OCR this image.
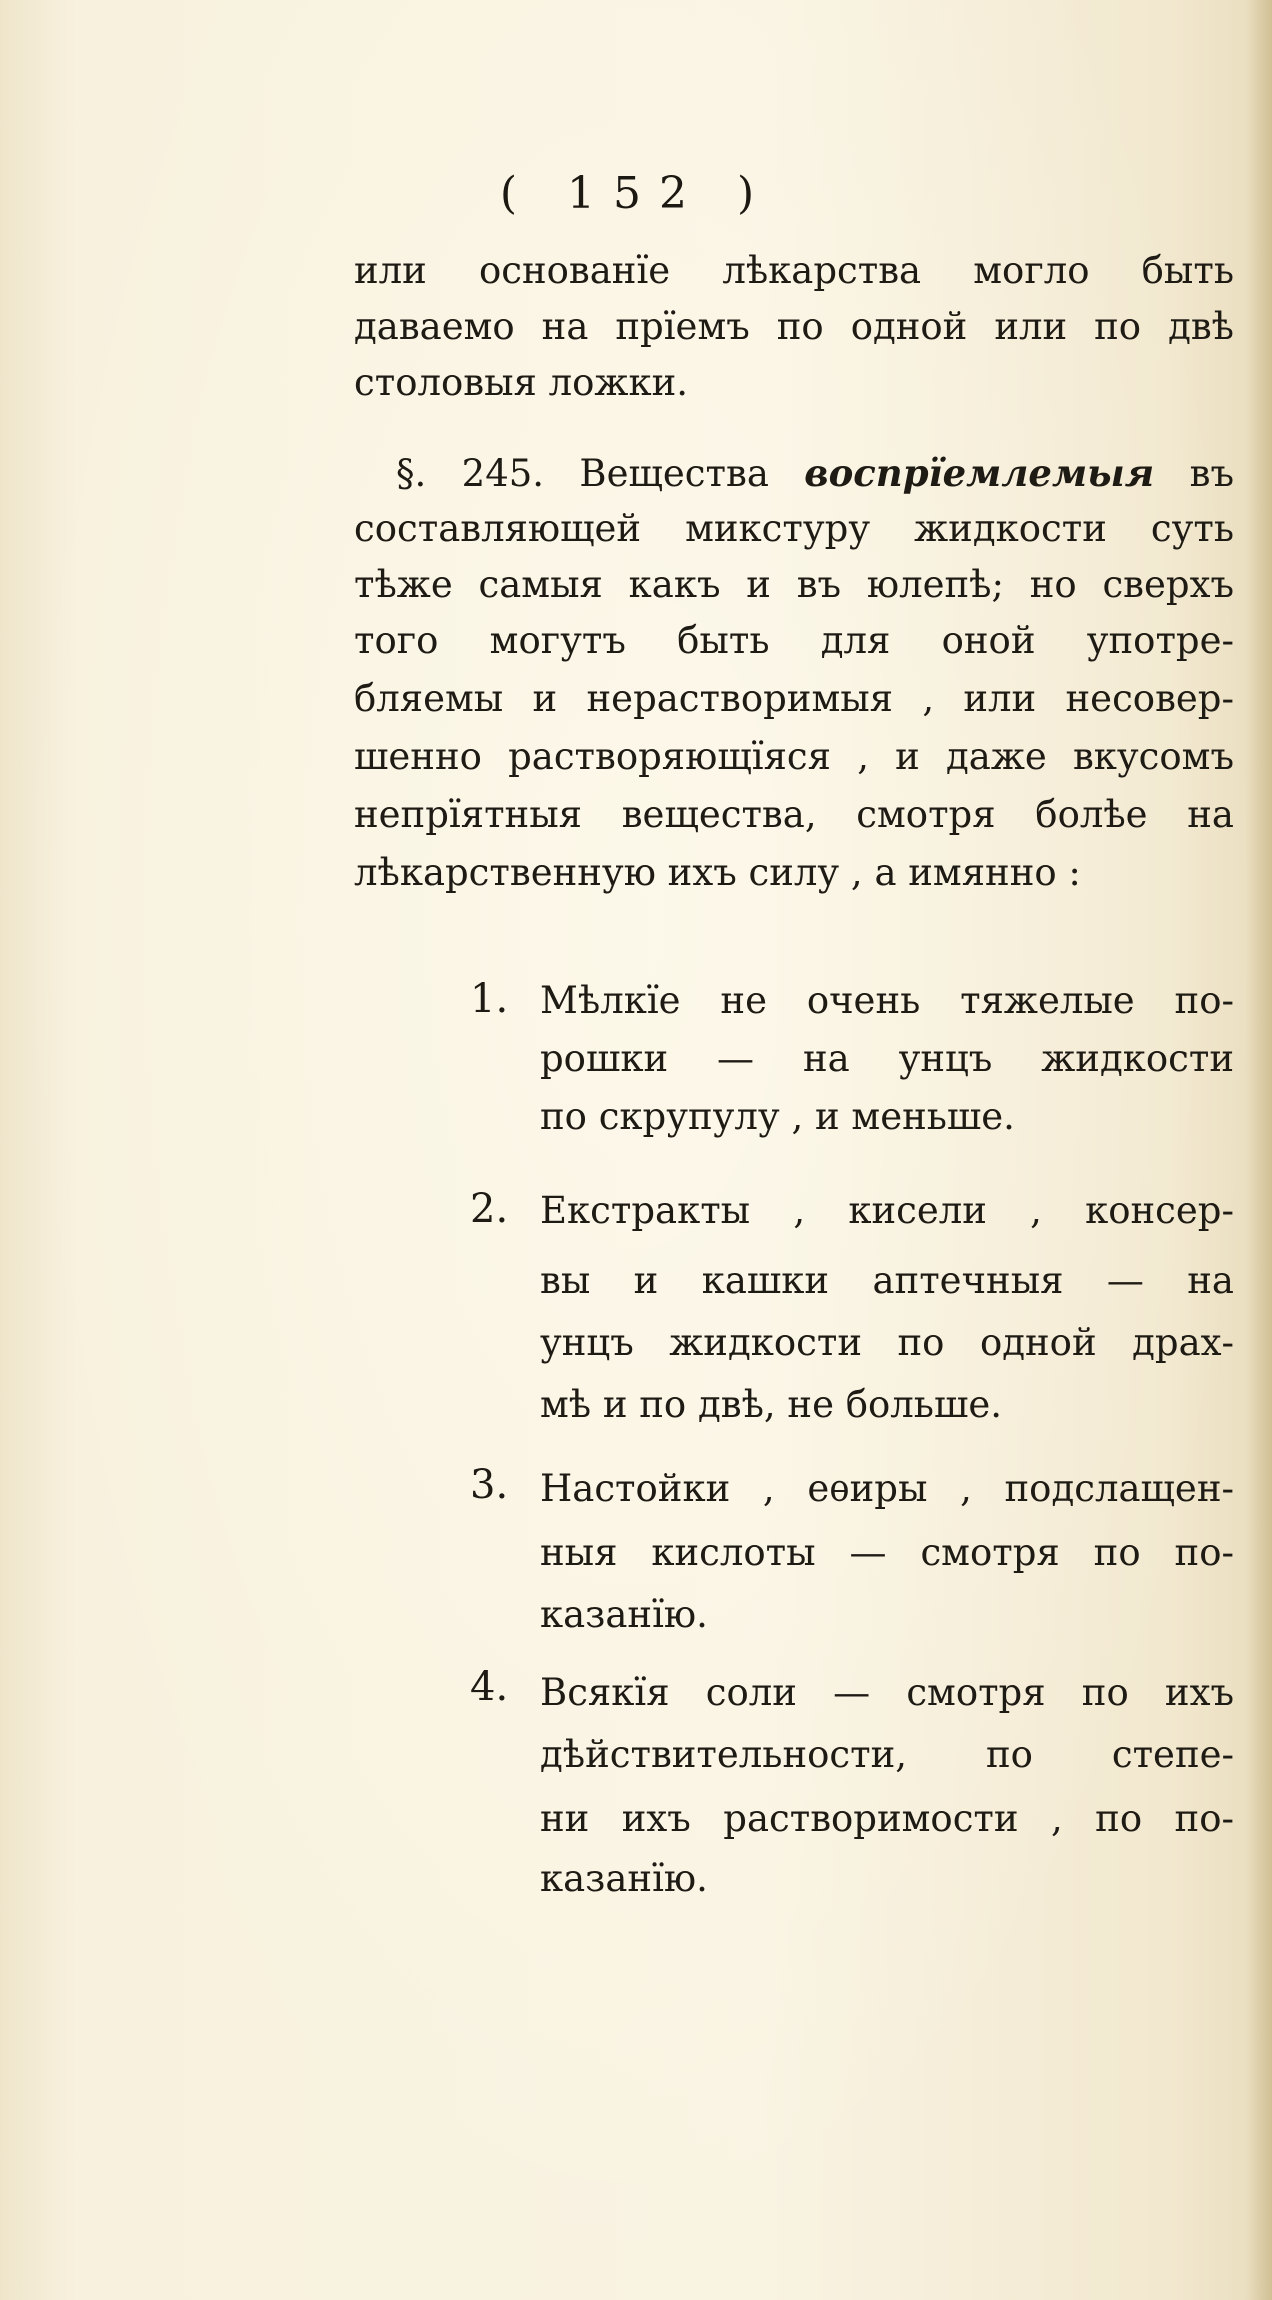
( 152 )
или основанїе лѣкарства могло быть
даваемо на прїемъ по одной или по двѣ
столовыя ложки.
§. 245. Вещества воспрїемлемыя въ
составляющей микстуру жидкости суть
тѣже самыя какъ и въ юлепѣ; но сверхъ
того могутъ быть для оной употре-
бляемы и нерастворимыя , или несовер-
шенно растворяющїяся , и даже вкусомъ
непрїятныя вещества, смотря болѣе на
лѣкарственную ихъ силу , а имянно :
1. Мѣлкїе не очень тяжелые по-
рошки — на унцъ жидкости
по скрупулу , и меньше.
2. Екстракты , кисели , консер-
вы и кашки аптечныя — на
унцъ жидкости по одной драх-
мѣ и по двѣ, не больше.
3. Настойки , еѳиры , подслащен-
ныя кислоты — смотря по по-
казанїю.
4. Всякїя соли — смотря по ихъ
дѣйствительности, по степе-
ни ихъ растворимости , по по-
казанїю.
